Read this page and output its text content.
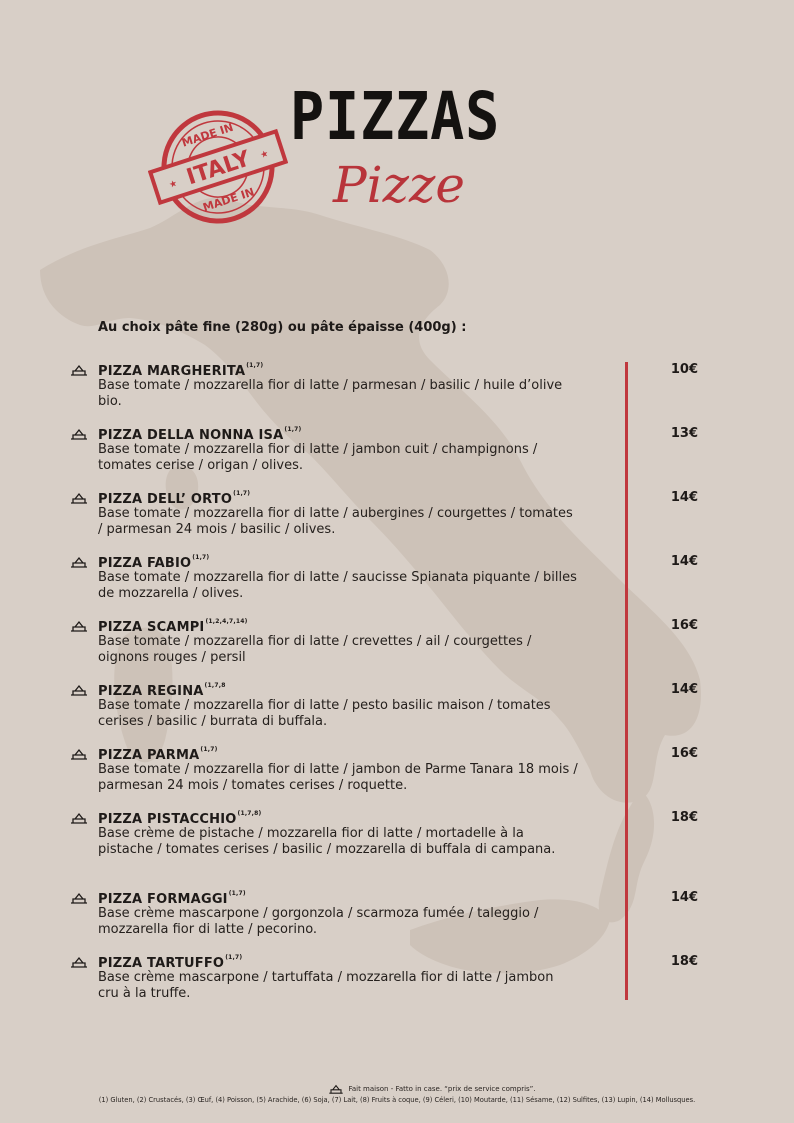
ITALY
MADE IN
MADE IN
★
★
PIZZAS
Pizze
Au choix pâte fine (280g) ou pâte épaisse (400g) :
PIZZA MARGHERITA$^{(1,7)}$
Base tomate / mozzarella fior di latte / parmesan / basilic / huile d’olive bio.
10€
PIZZA DELLA NONNA ISA$^{(1,7)}$
Base tomate / mozzarella fior di latte / jambon cuit / champignons / tomates cerise / origan / olives.
13€
PIZZA DELL’ ORTO$^{(1,7)}$
Base tomate / mozzarella fior di latte / aubergines / courgettes / tomates / parmesan 24 mois / basilic / olives.
14€
PIZZA FABIO$^{(1,7)}$
Base tomate / mozzarella fior di latte / saucisse Spianata piquante / billes de mozzarella / olives.
14€
PIZZA SCAMPI$^{(1,2,4,7,14)}$
Base tomate / mozzarella fior di latte / crevettes / ail / courgettes / oignons rouges / persil
16€
PIZZA REGINA$^{(1,7,8}$
Base tomate / mozzarella fior di latte / pesto basilic maison / tomates cerises / basilic / burrata di buffala.
14€
PIZZA PARMA$^{(1,7)}$
Base tomate / mozzarella fior di latte / jambon de Parme Tanara 18 mois / parmesan 24 mois / tomates cerises / roquette.
16€
PIZZA PISTACCHIO$^{(1,7,8)}$
Base crème de pistache / mozzarella fior di latte / mortadelle à la pistache / tomates cerises / basilic / mozzarella di buffala di campana.
18€
PIZZA FORMAGGI$^{(1,7)}$
Base crème mascarpone / gorgonzola / scarmoza fumée / taleggio / mozzarella fior di latte / pecorino.
14€
PIZZA TARTUFFO$^{(1,7)}$
Base crème mascarpone / tartuffata / mozzarella fior di latte / jambon cru à la truffe.
18€
Fait maison - Fatto in case. “prix de service compris”.
(1) Gluten, (2) Crustacés, (3) Œuf, (4) Poisson, (5) Arachide, (6) Soja, (7) Lait, (8) Fruits à coque, (9) Céleri, (10) Moutarde, (11) Sésame, (12) Sulfites, (13) Lupin, (14) Mollusques.
